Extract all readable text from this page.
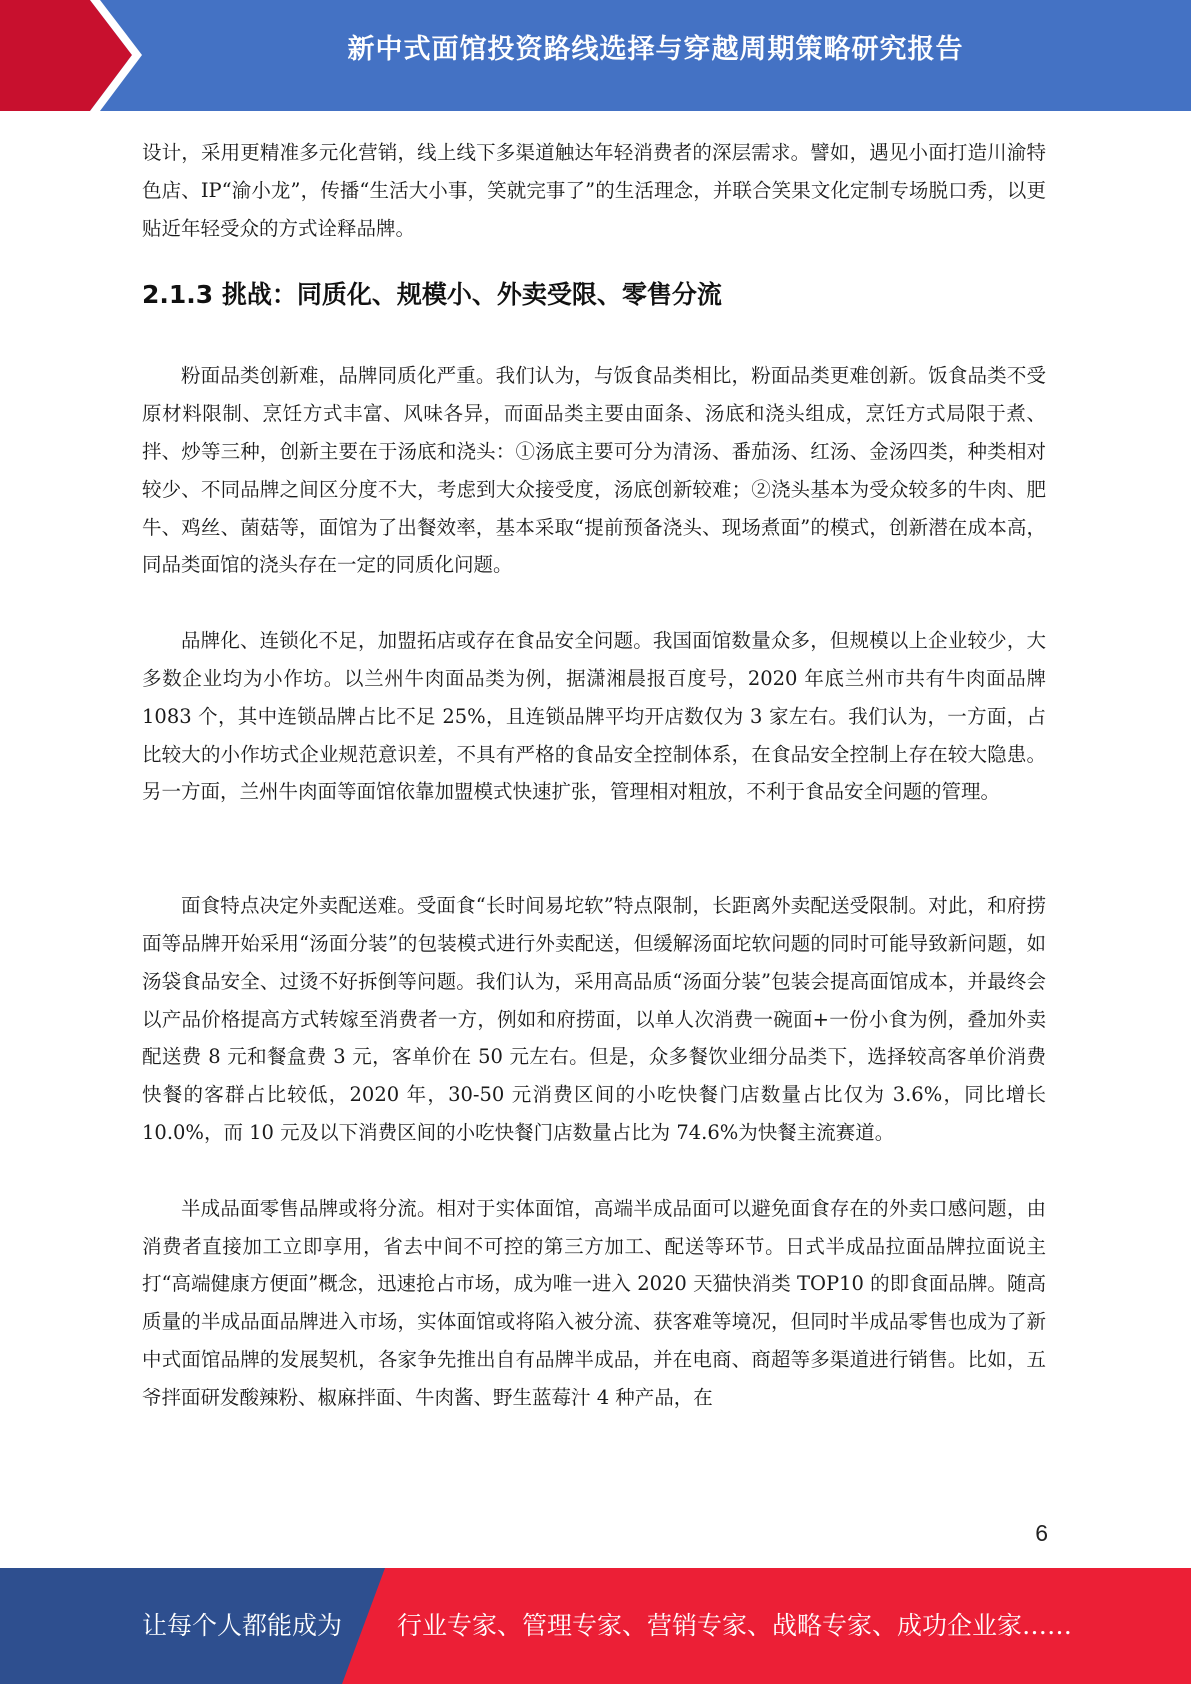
新中式面馆投资路线选择与穿越周期策略研究报告

设计，采用更精准多元化营销，线上线下多渠道触达年轻消费者的深层需求。譬如，遇见小面打造川渝特色店、IP“渝小龙”，传播“生活大小事，笑就完事了”的生活理念，并联合笑果文化定制专场脱口秀，以更贴近年轻受众的方式诠释品牌。

2.1.3 挑战：同质化、规模小、外卖受限、零售分流

粉面品类创新难，品牌同质化严重。我们认为，与饭食品类相比，粉面品类更难创新。饭食品类不受原材料限制、烹饪方式丰富、风味各异，而面品类主要由面条、汤底和浇头组成，烹饪方式局限于煮、拌、炒等三种，创新主要在于汤底和浇头：①汤底主要可分为清汤、番茄汤、红汤、金汤四类，种类相对较少、不同品牌之间区分度不大，考虑到大众接受度，汤底创新较难；②浇头基本为受众较多的牛肉、肥牛、鸡丝、菌菇等，面馆为了出餐效率，基本采取“提前预备浇头、现场煮面”的模式，创新潜在成本高，同品类面馆的浇头存在一定的同质化问题。

品牌化、连锁化不足，加盟拓店或存在食品安全问题。我国面馆数量众多，但规模以上企业较少，大多数企业均为小作坊。以兰州牛肉面品类为例，据潇湘晨报百度号，2020 年底兰州市共有牛肉面品牌 1083 个，其中连锁品牌占比不足 25%，且连锁品牌平均开店数仅为 3 家左右。我们认为，一方面，占比较大的小作坊式企业规范意识差，不具有严格的食品安全控制体系，在食品安全控制上存在较大隐患。另一方面，兰州牛肉面等面馆依靠加盟模式快速扩张，管理相对粗放，不利于食品安全问题的管理。

面食特点决定外卖配送难。受面食“长时间易坨软”特点限制，长距离外卖配送受限制。对此，和府捞面等品牌开始采用“汤面分装”的包装模式进行外卖配送，但缓解汤面坨软问题的同时可能导致新问题，如汤袋食品安全、过烫不好拆倒等问题。我们认为，采用高品质“汤面分装”包装会提高面馆成本，并最终会以产品价格提高方式转嫁至消费者一方，例如和府捞面，以单人次消费一碗面+一份小食为例，叠加外卖配送费 8 元和餐盒费 3 元，客单价在 50 元左右。但是，众多餐饮业细分品类下，选择较高客单价消费快餐的客群占比较低，2020 年，30-50 元消费区间的小吃快餐门店数量占比仅为 3.6%，同比增长 10.0%，而 10 元及以下消费区间的小吃快餐门店数量占比为 74.6%为快餐主流赛道。

半成品面零售品牌或将分流。相对于实体面馆，高端半成品面可以避免面食存在的外卖口感问题，由消费者直接加工立即享用，省去中间不可控的第三方加工、配送等环节。日式半成品拉面品牌拉面说主打“高端健康方便面”概念，迅速抢占市场，成为唯一进入 2020 天猫快消类 TOP10 的即食面品牌。随高质量的半成品面品牌进入市场，实体面馆或将陷入被分流、获客难等境况，但同时半成品零售也成为了新中式面馆品牌的发展契机，各家争先推出自有品牌半成品，并在电商、商超等多渠道进行销售。比如，五爷拌面研发酸辣粉、椒麻拌面、牛肉酱、野生蓝莓汁 4 种产品，在

6
让每个人都能成为 行业专家、管理专家、营销专家、战略专家、成功企业家……
